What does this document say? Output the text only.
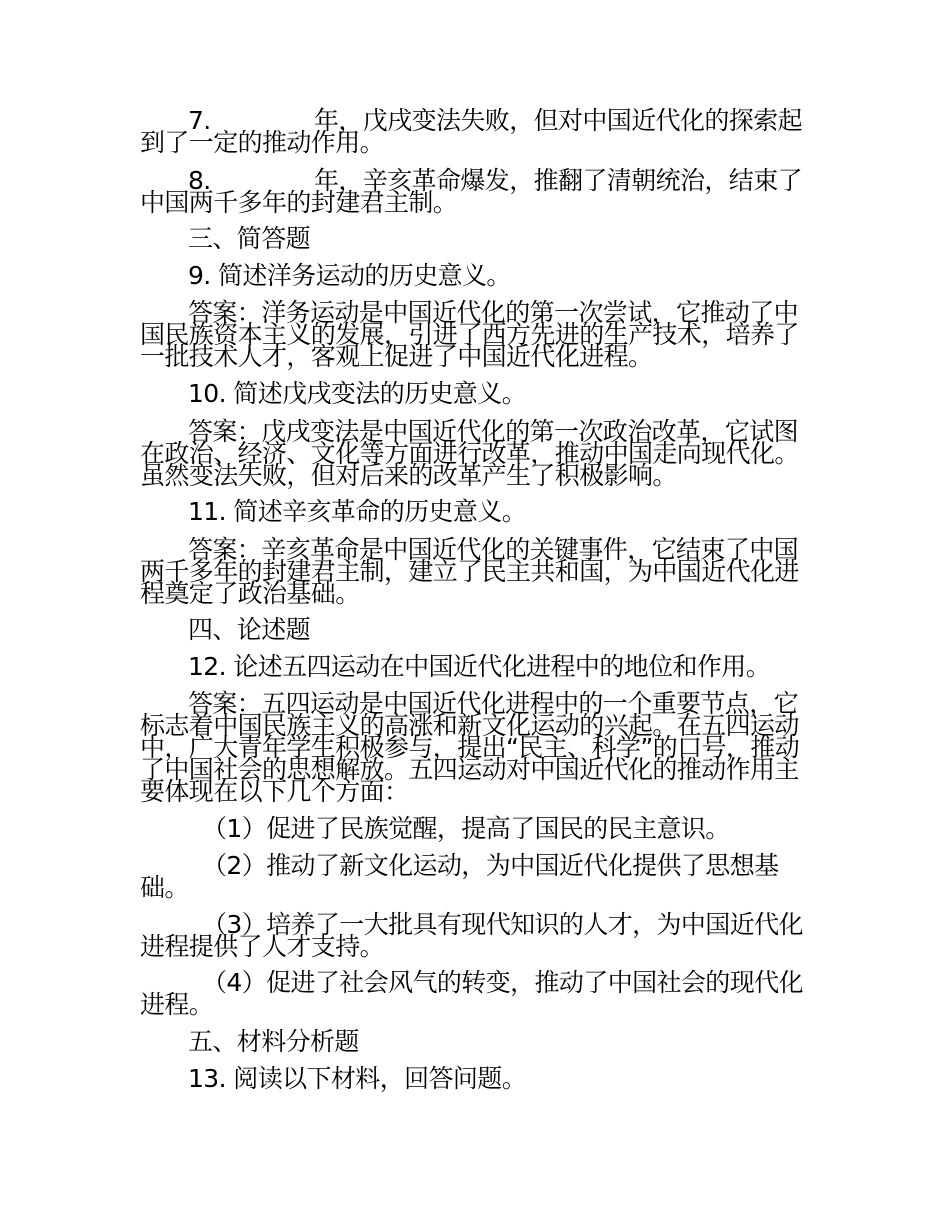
7.	年，戊戌变法失败，但对中国近代化的探索起到了一定的推动作用。

8.	年，辛亥革命爆发，推翻了清朝统治，结束了中国两千多年的封建君主制。

三、简答题

9. 简述洋务运动的历史意义。

答案：洋务运动是中国近代化的第一次尝试，它推动了中国民族资本主义的发展，引进了西方先进的生产技术，培养了一批技术人才，客观上促进了中国近代化进程。

10. 简述戊戌变法的历史意义。

答案：戊戌变法是中国近代化的第一次政治改革，它试图在政治、经济、文化等方面进行改革，推动中国走向现代化。虽然变法失败，但对后来的改革产生了积极影响。

11. 简述辛亥革命的历史意义。

答案：辛亥革命是中国近代化的关键事件，它结束了中国两千多年的封建君主制，建立了民主共和国，为中国近代化进程奠定了政治基础。

四、论述题

12. 论述五四运动在中国近代化进程中的地位和作用。

答案：五四运动是中国近代化进程中的一个重要节点，它标志着中国民族主义的高涨和新文化运动的兴起。在五四运动中，广大青年学生积极参与，提出“民主、科学”的口号，推动了中国社会的思想解放。五四运动对中国近代化的推动作用主要体现在以下几个方面：

（1）促进了民族觉醒，提高了国民的民主意识。

（2）推动了新文化运动，为中国近代化提供了思想基础。

（3）培养了一大批具有现代知识的人才，为中国近代化进程提供了人才支持。

（4）促进了社会风气的转变，推动了中国社会的现代化进程。

五、材料分析题

13. 阅读以下材料，回答问题。
